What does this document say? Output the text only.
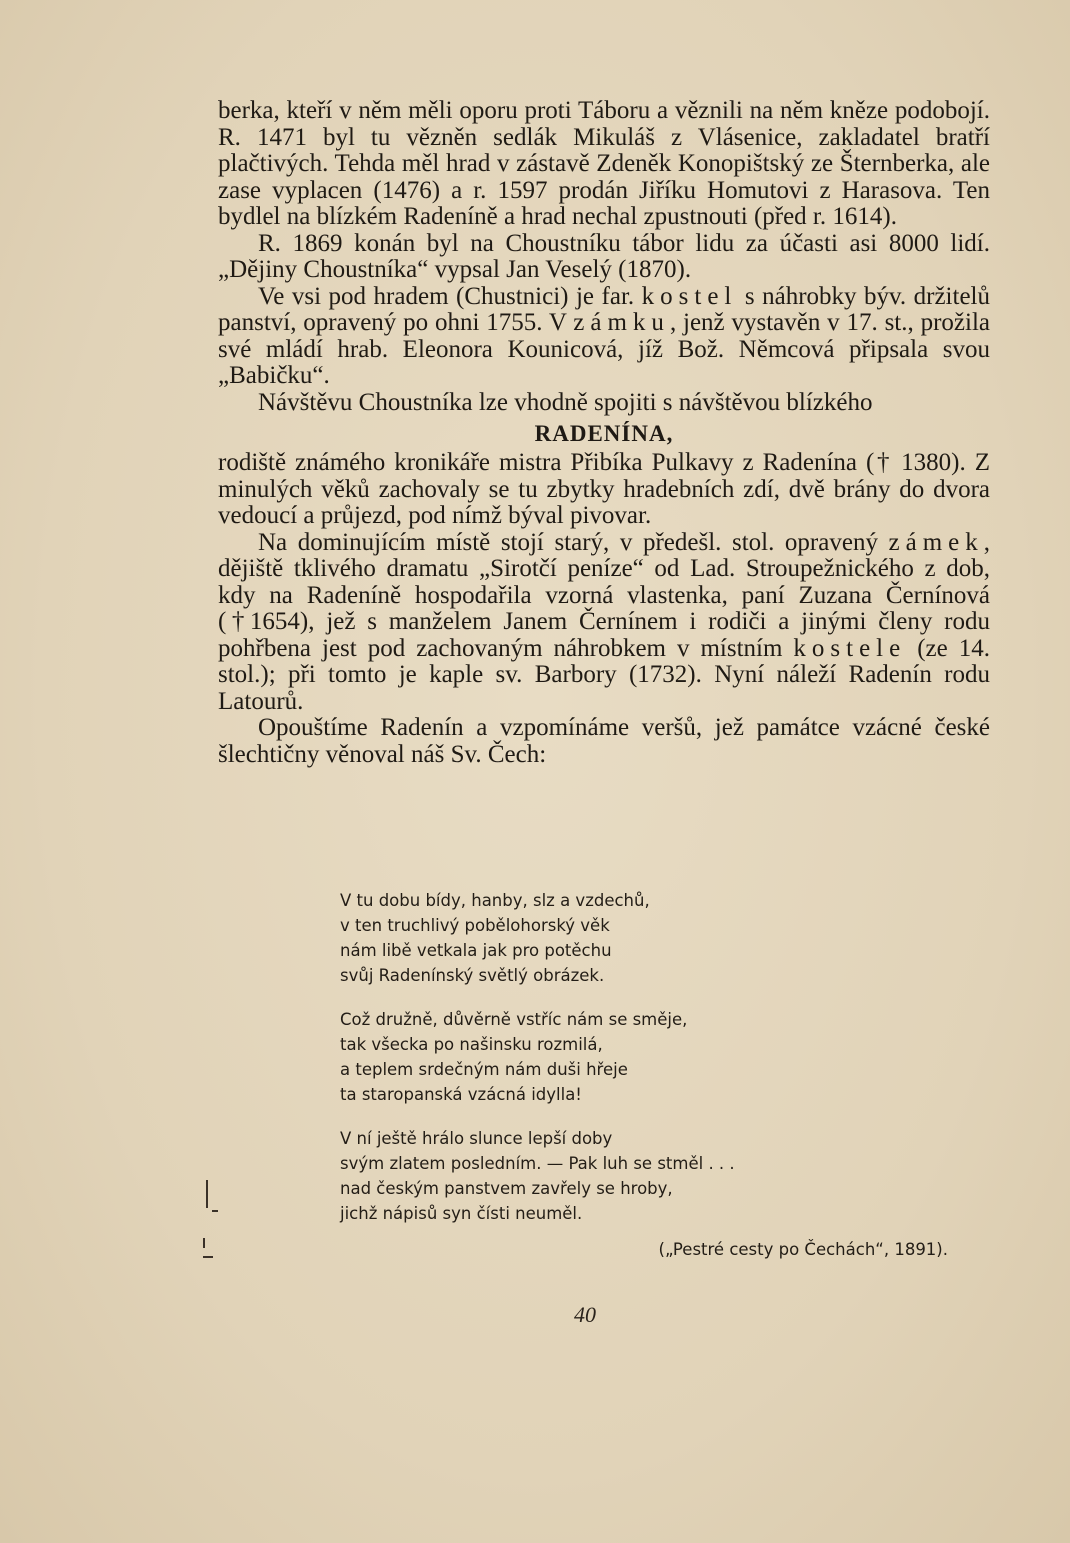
berka, kteří v něm měli oporu proti Táboru a věznili na něm kněze podobojí. R. 1471 byl tu vězněn sedlák Mikuláš z Vlásenice, zakladatel bratří plačtivých. Tehda měl hrad v zástavě Zdeněk Konopištský ze Šternberka, ale zase vyplacen (1476) a r. 1597 prodán Jiříku Homutovi z Harasova. Ten bydlel na blízkém Radeníně a hrad nechal zpustnouti (před r. 1614).

R. 1869 konán byl na Choustníku tábor lidu za účasti asi 8000 lidí. „Dějiny Choustníka“ vypsal Jan Veselý (1870).

Ve vsi pod hradem (Chustnici) je far. kostel s náhrobky býv. držitelů panství, opravený po ohni 1755. V zámku, jenž vystavěn v 17. st., prožila své mládí hrab. Eleonora Kounicová, jíž Bož. Němcová připsala svou „Babičku“.

Návštěvu Choustníka lze vhodně spojiti s návštěvou blízkého

RADENÍNA,

rodiště známého kronikáře mistra Přibíka Pulkavy z Radenína († 1380). Z minulých věků zachovaly se tu zbytky hradebních zdí, dvě brány do dvora vedoucí a průjezd, pod nímž býval pivovar.

Na dominujícím místě stojí starý, v předešl. stol. opravený zámek, dějiště tklivého dramatu „Sirotčí peníze“ od Lad. Stroupežnického z dob, kdy na Radeníně hospodařila vzorná vlastenka, paní Zuzana Černínová (†1654), jež s manželem Janem Černínem i rodiči a jinými členy rodu pohřbena jest pod zachovaným náhrobkem v místním kostele (ze 14. stol.); při tomto je kaple sv. Barbory (1732). Nyní náleží Radenín rodu Latourů.

Opouštíme Radenín a vzpomínáme veršů, jež památce vzácné české šlechtičny věnoval náš Sv. Čech:

V tu dobu bídy, hanby, slz a vzdechů,
v ten truchlivý pobělohorský věk
nám libě vetkala jak pro potěchu
svůj Radenínský světlý obrázek.
Což družně, důvěrně vstříc nám se směje,
tak všecka po našinsku rozmilá,
a teplem srdečným nám duši hřeje
ta staropanská vzácná idylla!
V ní ještě hrálo slunce lepší doby
svým zlatem posledním. — Pak luh se stměl . . .
nad českým panstvem zavřely se hroby,
jichž nápisů syn čísti neuměl.
(„Pestré cesty po Čechách“, 1891).
40
